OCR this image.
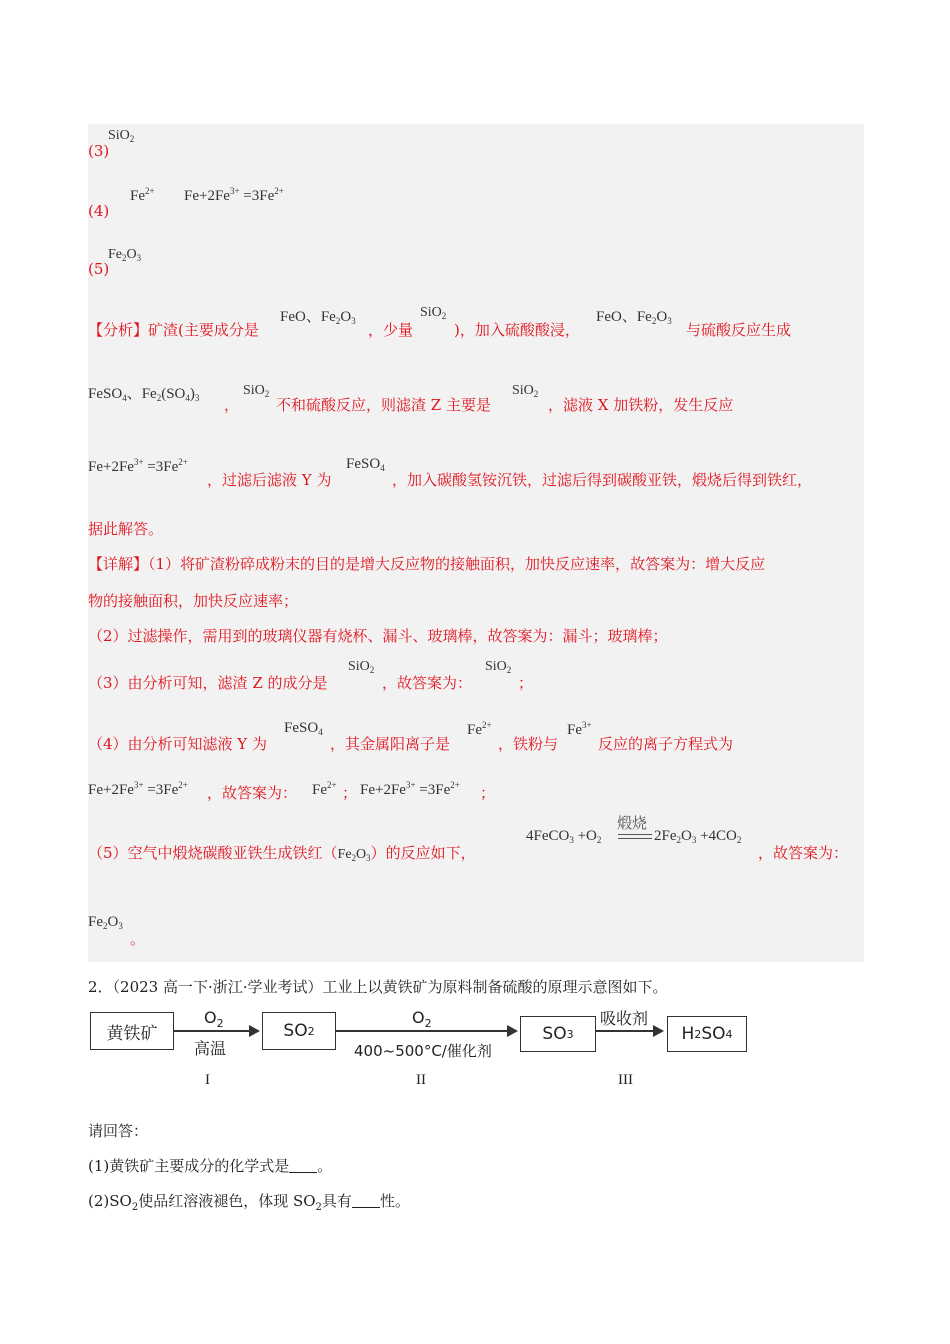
(3)
SiO$_2$
(4)
$Fe^{2+}$ $Fe+2Fe^{3+} =3Fe^{2+}$
(5)
$Fe_2O_3$
【分析】矿渣(主要成分是
FeO、$Fe_2O_3$ ，少量
SiO$_2$
)，加入硫酸酸浸，
FeO、$Fe_2O_3$ 与硫酸反应生成
FeSO$_4$、$Fe_2(SO_4)_3$ ，
SiO$_2$
不和硫酸反应，则滤渣 Z 主要是
SiO$_2$
，滤液 X 加铁粉，发生反应
$Fe+2Fe^{3+} =3Fe^{2+}$
，过滤后滤液 Y 为
FeSO$_4$
，加入碳酸氢铵沉铁，过滤后得到碳酸亚铁，煅烧后得到铁红，
据此解答。
【详解】（1）将矿渣粉碎成粉末的目的是增大反应物的接触面积，加快反应速率，故答案为：增大反应
物的接触面积，加快反应速率；
（2）过滤操作，需用到的玻璃仪器有烧杯、漏斗、玻璃棒，故答案为：漏斗；玻璃棒；
（3）由分析可知，滤渣 Z 的成分是
SiO$_2$
，故答案为：
SiO$_2$
；
（4）由分析可知滤液 Y 为
FeSO$_4$
，其金属阳离子是
$Fe^{2+}$
，铁粉与
$Fe^{3+}$
反应的离子方程式为
$Fe+2Fe^{3+} =3Fe^{2+}$ ，故答案为： $Fe^{2+}$ ； $Fe+2Fe^{3+} =3Fe^{2+}$ ；
（5）空气中煅烧碳酸亚铁生成铁红$(Fe_2O_3)$的反应如下，
4FeCO$_3$ $+O_2$
煅烧
$2Fe_2O_3 +4CO_2$
，故答案为：
$Fe_2O_3$
。
2．（2023 高一下·浙江·学业考试）工业上以黄铁矿为原料制备硫酸的原理示意图如下。
黄铁矿
$O_2$
高温
SO 2
$O_2$
400~500°C/催化剂
SO 3
吸收剂
H 2 SO 4
I	II	III
请回答：
(1)黄铁矿主要成分的化学式是 。
$(2)SO_2$使品红溶液褪色，体现 $SO_2$具有 性。
